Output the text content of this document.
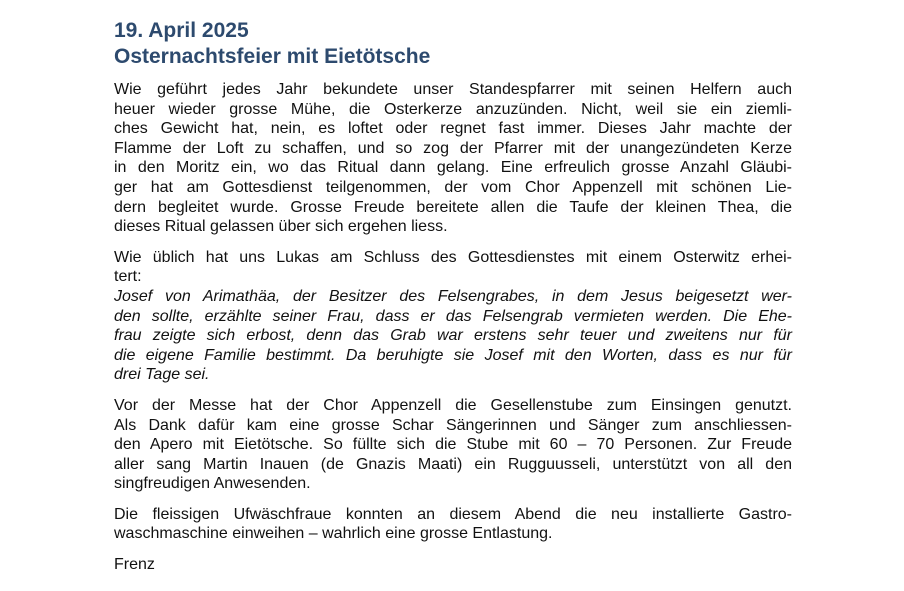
19. April 2025
Osternachtsfeier mit Eietötsche

Wie geführt jedes Jahr bekundete unser Standespfarrer mit seinen Helfern auch
heuer wieder grosse Mühe, die Osterkerze anzuzünden. Nicht, weil sie ein ziemli-
ches Gewicht hat, nein, es loftet oder regnet fast immer. Dieses Jahr machte der
Flamme der Loft zu schaffen, und so zog der Pfarrer mit der unangezündeten Kerze
in den Moritz ein, wo das Ritual dann gelang. Eine erfreulich grosse Anzahl Gläubi-
ger hat am Gottesdienst teilgenommen, der vom Chor Appenzell mit schönen Lie-
dern begleitet wurde. Grosse Freude bereitete allen die Taufe der kleinen Thea, die
dieses Ritual gelassen über sich ergehen liess.

Wie üblich hat uns Lukas am Schluss des Gottesdienstes mit einem Osterwitz erhei-
tert:
Josef von Arimathäa, der Besitzer des Felsengrabes, in dem Jesus beigesetzt wer-
den sollte, erzählte seiner Frau, dass er das Felsengrab vermieten werden. Die Ehe-
frau zeigte sich erbost, denn das Grab war erstens sehr teuer und zweitens nur für
die eigene Familie bestimmt. Da beruhigte sie Josef mit den Worten, dass es nur für
drei Tage sei.

Vor der Messe hat der Chor Appenzell die Gesellenstube zum Einsingen genutzt.
Als Dank dafür kam eine grosse Schar Sängerinnen und Sänger zum anschliessen-
den Apero mit Eietötsche. So füllte sich die Stube mit 60 – 70 Personen. Zur Freude
aller sang Martin Inauen (de Gnazis Maati) ein Rugguusseli, unterstützt von all den
singfreudigen Anwesenden.

Die fleissigen Ufwäschfraue konnten an diesem Abend die neu installierte Gastro-
waschmaschine einweihen – wahrlich eine grosse Entlastung.

Frenz
